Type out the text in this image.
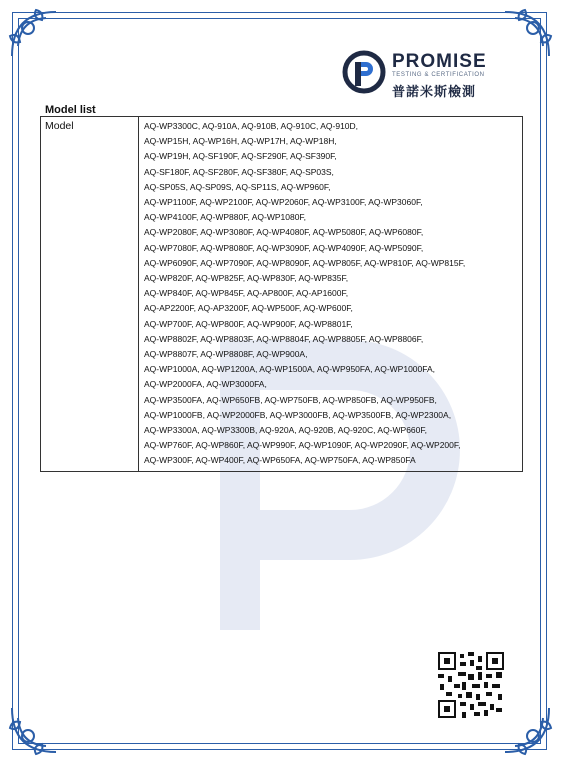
PROMISE
TESTING & CERTIFICATION
普諾米斯檢測
Model list
Model	AQ-WP3300C, AQ-910A, AQ-910B, AQ-910C, AQ-910D,
AQ-WP15H, AQ-WP16H, AQ-WP17H, AQ-WP18H,
AQ-WP19H, AQ-SF190F, AQ-SF290F, AQ-SF390F,
AQ-SF180F, AQ-SF280F, AQ-SF380F, AQ-SP03S,
AQ-SP05S, AQ-SP09S, AQ-SP11S, AQ-WP960F,
AQ-WP1100F, AQ-WP2100F, AQ-WP2060F, AQ-WP3100F, AQ-WP3060F,
AQ-WP4100F, AQ-WP880F, AQ-WP1080F,
AQ-WP2080F, AQ-WP3080F, AQ-WP4080F, AQ-WP5080F, AQ-WP6080F,
AQ-WP7080F, AQ-WP8080F, AQ-WP3090F, AQ-WP4090F, AQ-WP5090F,
AQ-WP6090F, AQ-WP7090F, AQ-WP8090F, AQ-WP805F, AQ-WP810F, AQ-WP815F,
AQ-WP820F, AQ-WP825F, AQ-WP830F, AQ-WP835F,
AQ-WP840F, AQ-WP845F, AQ-AP800F, AQ-AP1600F,
AQ-AP2200F, AQ-AP3200F, AQ-WP500F, AQ-WP600F,
AQ-WP700F, AQ-WP800F, AQ-WP900F, AQ-WP8801F,
AQ-WP8802F, AQ-WP8803F, AQ-WP8804F, AQ-WP8805F, AQ-WP8806F,
AQ-WP8807F, AQ-WP8808F, AQ-WP900A,
AQ-WP1000A, AQ-WP1200A, AQ-WP1500A, AQ-WP950FA, AQ-WP1000FA,
AQ-WP2000FA, AQ-WP3000FA,
AQ-WP3500FA, AQ-WP650FB, AQ-WP750FB, AQ-WP850FB, AQ-WP950FB,
AQ-WP1000FB, AQ-WP2000FB, AQ-WP3000FB, AQ-WP3500FB, AQ-WP2300A,
AQ-WP3300A, AQ-WP3300B, AQ-920A, AQ-920B, AQ-920C, AQ-WP660F,
AQ-WP760F, AQ-WP860F, AQ-WP990F, AQ-WP1090F, AQ-WP2090F, AQ-WP200F,
AQ-WP300F, AQ-WP400F, AQ-WP650FA, AQ-WP750FA, AQ-WP850FA
